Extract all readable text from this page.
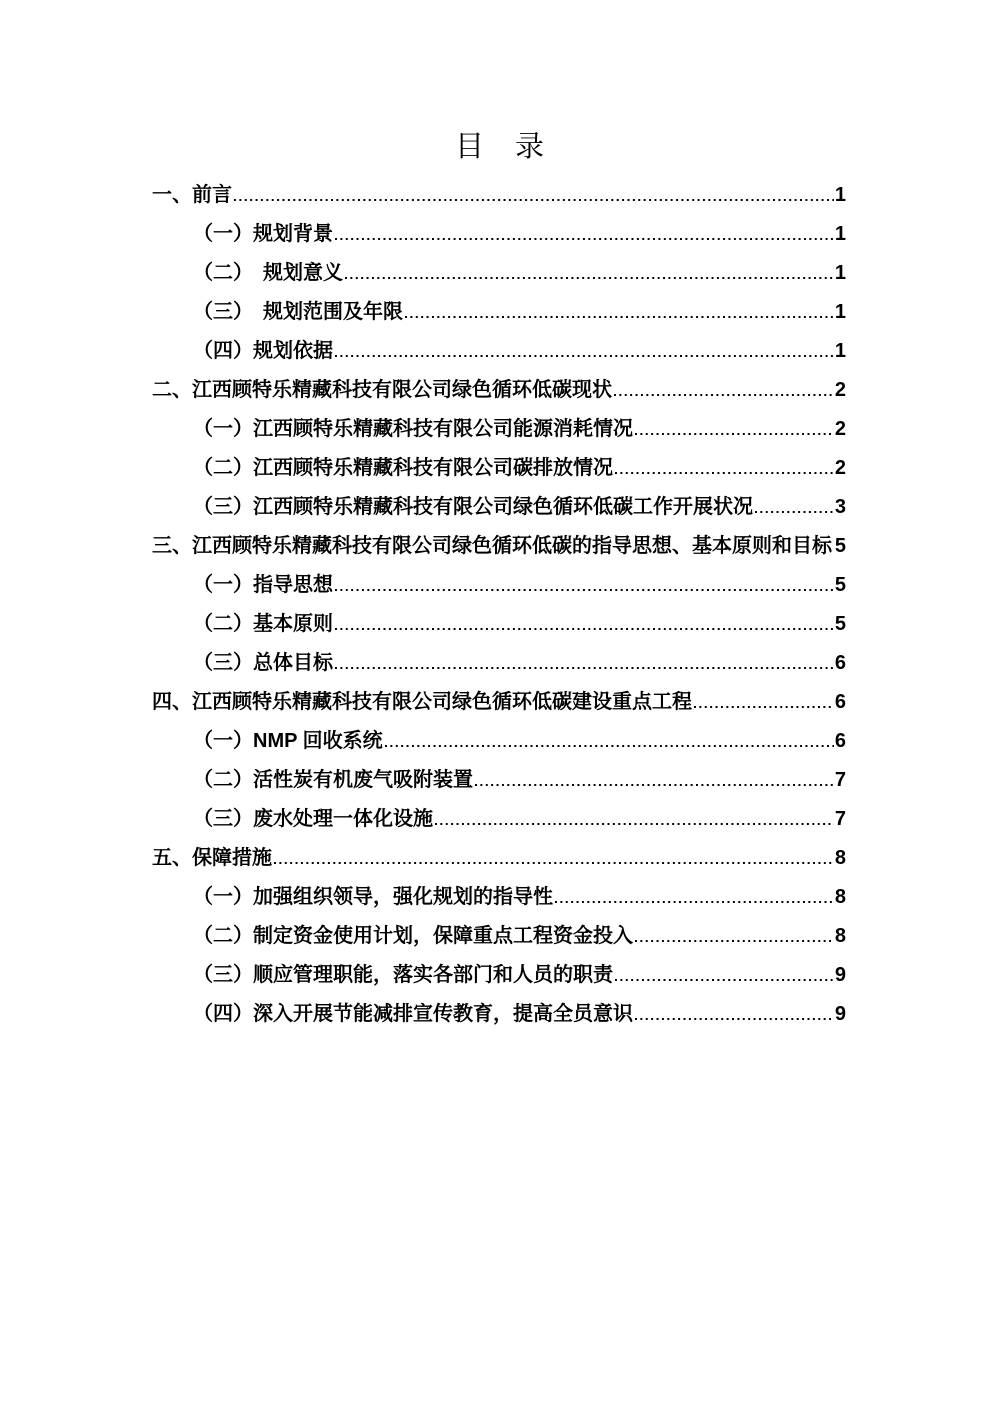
目　录
一、前言	1
（一）规划背景	1
（二）　规划意义	1
（三）　规划范围及年限	1
（四）规划依据	1
二、江西顾特乐精藏科技有限公司绿色循环低碳现状	2
（一）江西顾特乐精藏科技有限公司能源消耗情况	2
（二）江西顾特乐精藏科技有限公司碳排放情况	2
（三）江西顾特乐精藏科技有限公司绿色循环低碳工作开展状况	3
三、江西顾特乐精藏科技有限公司绿色循环低碳的指导思想、基本原则和目标 5
（一）指导思想	5
（二）基本原则	5
（三）总体目标	6
四、江西顾特乐精藏科技有限公司绿色循环低碳建设重点工程	6
（一）NMP 回收系统	6
（二）活性炭有机废气吸附装置	7
（三）废水处理一体化设施	7
五、保障措施	8
（一）加强组织领导，强化规划的指导性	8
（二）制定资金使用计划，保障重点工程资金投入	8
（三）顺应管理职能，落实各部门和人员的职责	9
（四）深入开展节能减排宣传教育，提高全员意识	9
